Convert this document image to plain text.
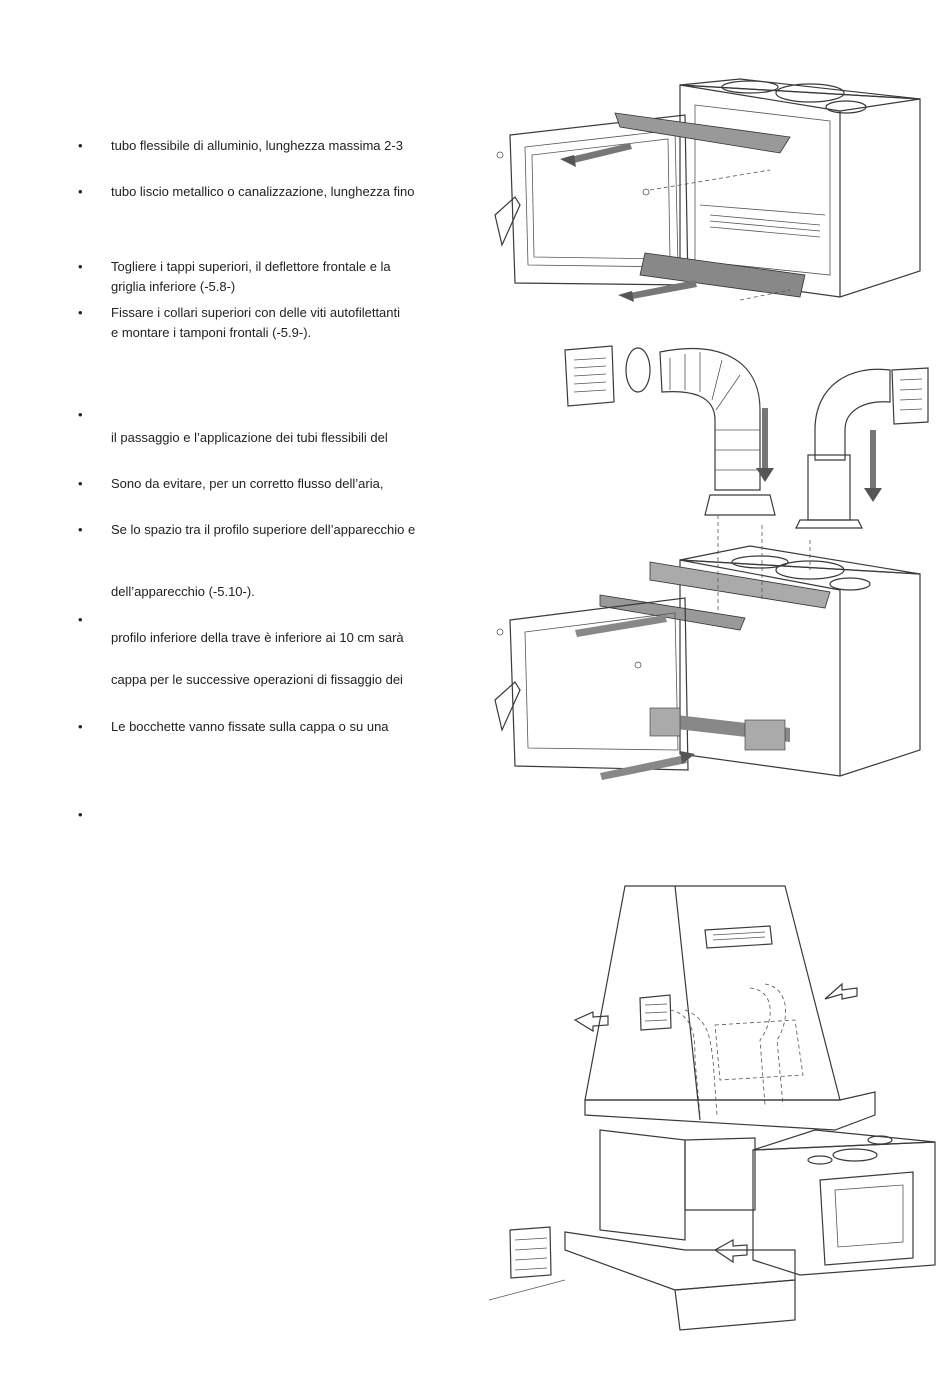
•
•
•
•
•
•
•
•
•
•
tubo flessibile di alluminio, lunghezza massima 2-3
tubo liscio metallico o canalizzazione, lunghezza fino
Togliere i tappi superiori, il deflettore frontale e la
griglia inferiore (-5.8-)
Fissare i collari superiori con delle viti autofilettanti
e montare i tamponi frontali (-5.9-).
il passaggio e l’applicazione dei tubi flessibili del
Sono da evitare, per un corretto flusso dell’aria,
Se lo spazio tra il profilo superiore dell’apparecchio e
dell’apparecchio (-5.10-).
profilo inferiore della trave è inferiore ai 10 cm sarà
cappa per le successive operazioni di fissaggio dei
Le bocchette vanno fissate sulla cappa o su una
